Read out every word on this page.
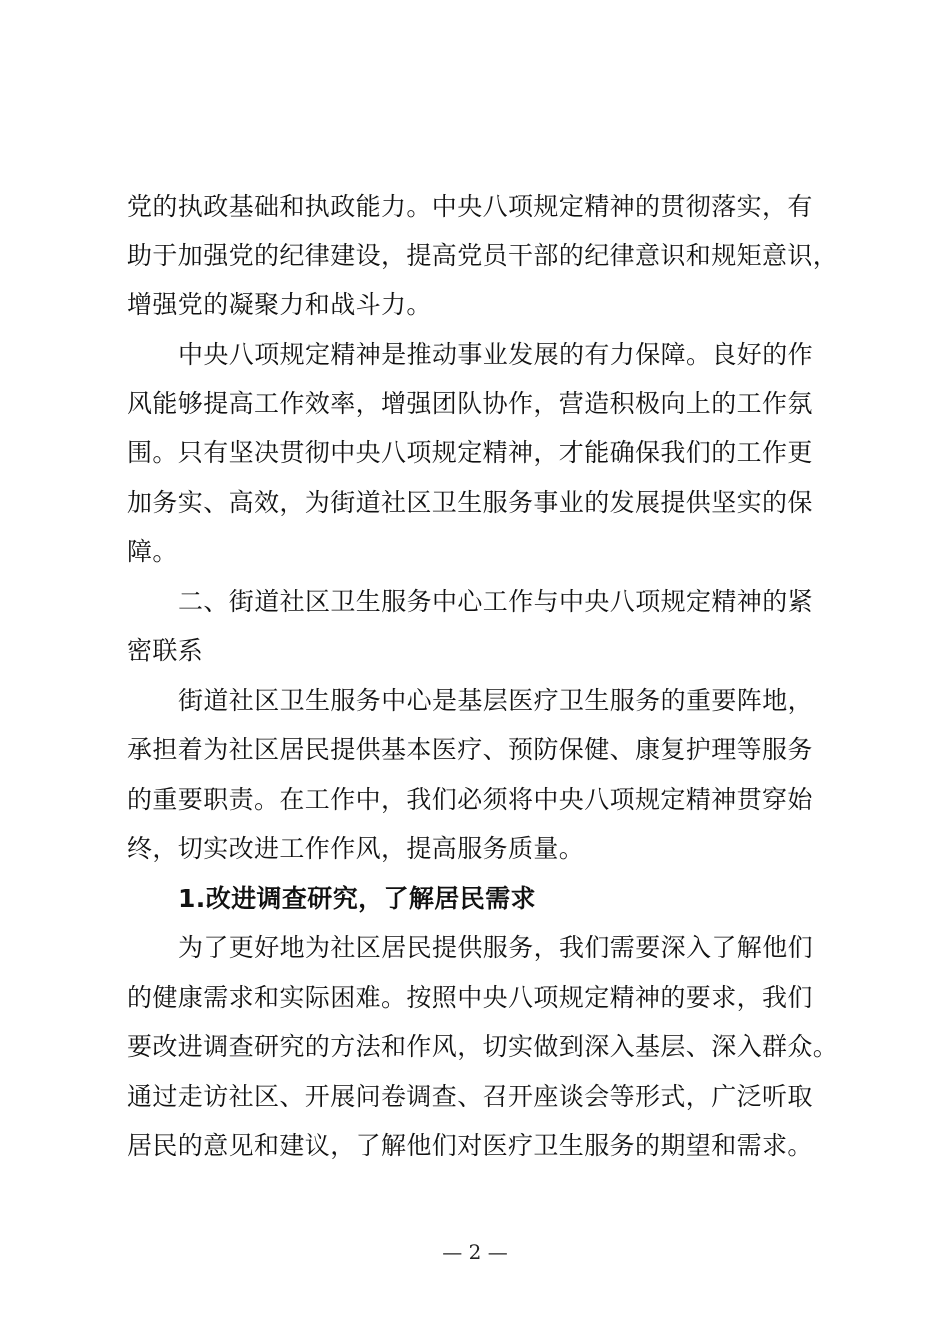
党的执政基础和执政能力。中央八项规定精神的贯彻落实，有
助于加强党的纪律建设，提高党员干部的纪律意识和规矩意识，
增强党的凝聚力和战斗力。
中央八项规定精神是推动事业发展的有力保障。良好的作
风能够提高工作效率，增强团队协作，营造积极向上的工作氛
围。只有坚决贯彻中央八项规定精神，才能确保我们的工作更
加务实、高效，为街道社区卫生服务事业的发展提供坚实的保
障。
二、街道社区卫生服务中心工作与中央八项规定精神的紧
密联系
街道社区卫生服务中心是基层医疗卫生服务的重要阵地，
承担着为社区居民提供基本医疗、预防保健、康复护理等服务
的重要职责。在工作中，我们必须将中央八项规定精神贯穿始
终，切实改进工作作风，提高服务质量。
1.改进调查研究，了解居民需求
为了更好地为社区居民提供服务，我们需要深入了解他们
的健康需求和实际困难。按照中央八项规定精神的要求，我们
要改进调查研究的方法和作风，切实做到深入基层、深入群众。
通过走访社区、开展问卷调查、召开座谈会等形式，广泛听取
居民的意见和建议，了解他们对医疗卫生服务的期望和需求。
— 2 —
